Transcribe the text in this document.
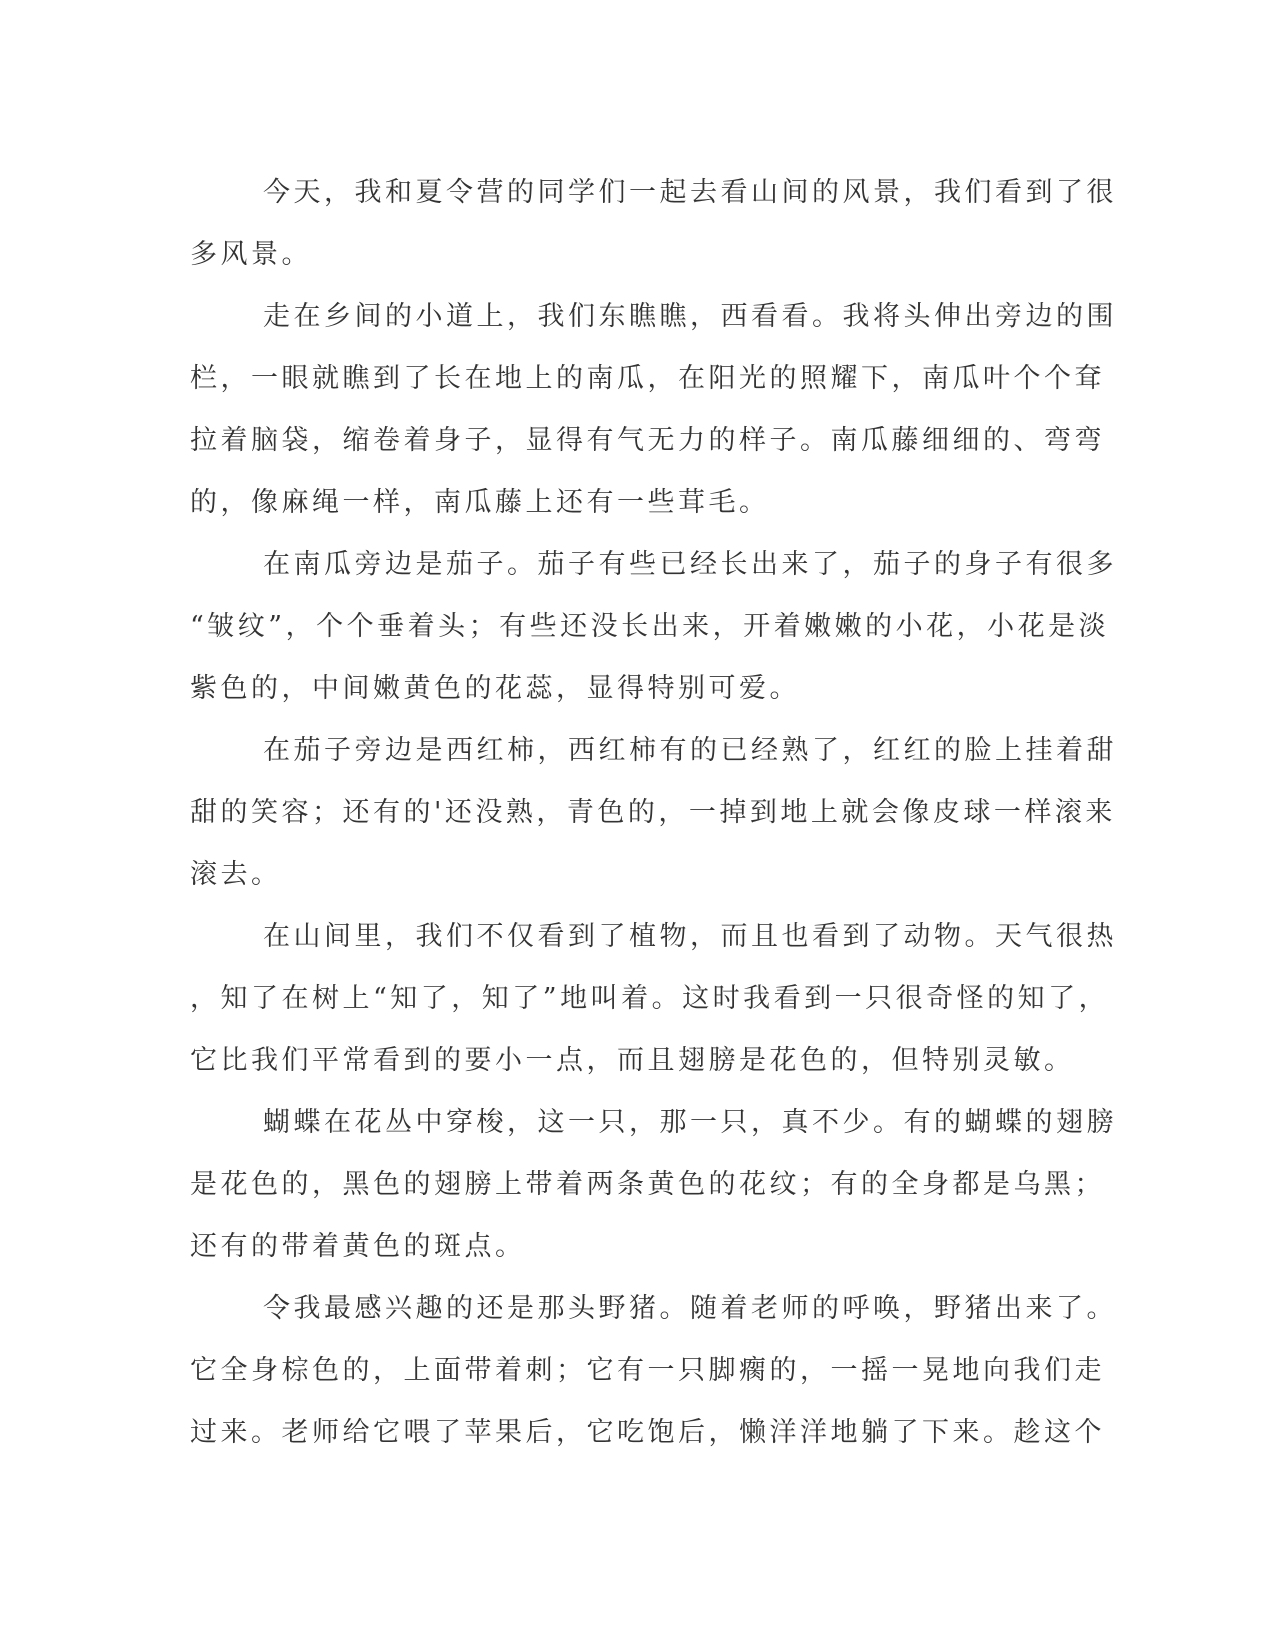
今天，我和夏令营的同学们一起去看山间的风景，我们看到了很

多风景。

走在乡间的小道上，我们东瞧瞧，西看看。我将头伸出旁边的围

栏，一眼就瞧到了长在地上的南瓜，在阳光的照耀下，南瓜叶个个耷

拉着脑袋，缩卷着身子，显得有气无力的样子。南瓜藤细细的、弯弯

的，像麻绳一样，南瓜藤上还有一些茸毛。

在南瓜旁边是茄子。茄子有些已经长出来了，茄子的身子有很多

“皱纹”，个个垂着头；有些还没长出来，开着嫩嫩的小花，小花是淡

紫色的，中间嫩黄色的花蕊，显得特别可爱。

在茄子旁边是西红柿，西红柿有的已经熟了，红红的脸上挂着甜

甜的笑容；还有的'还没熟，青色的，一掉到地上就会像皮球一样滚来

滚去。

在山间里，我们不仅看到了植物，而且也看到了动物。天气很热

，知了在树上“知了，知了”地叫着。这时我看到一只很奇怪的知了，

它比我们平常看到的要小一点，而且翅膀是花色的，但特别灵敏。

蝴蝶在花丛中穿梭，这一只，那一只，真不少。有的蝴蝶的翅膀

是花色的，黑色的翅膀上带着两条黄色的花纹；有的全身都是乌黑；

还有的带着黄色的斑点。

令我最感兴趣的还是那头野猪。随着老师的呼唤，野猪出来了。

它全身棕色的，上面带着刺；它有一只脚瘸的，一摇一晃地向我们走

过来。老师给它喂了苹果后，它吃饱后，懒洋洋地躺了下来。趁这个
